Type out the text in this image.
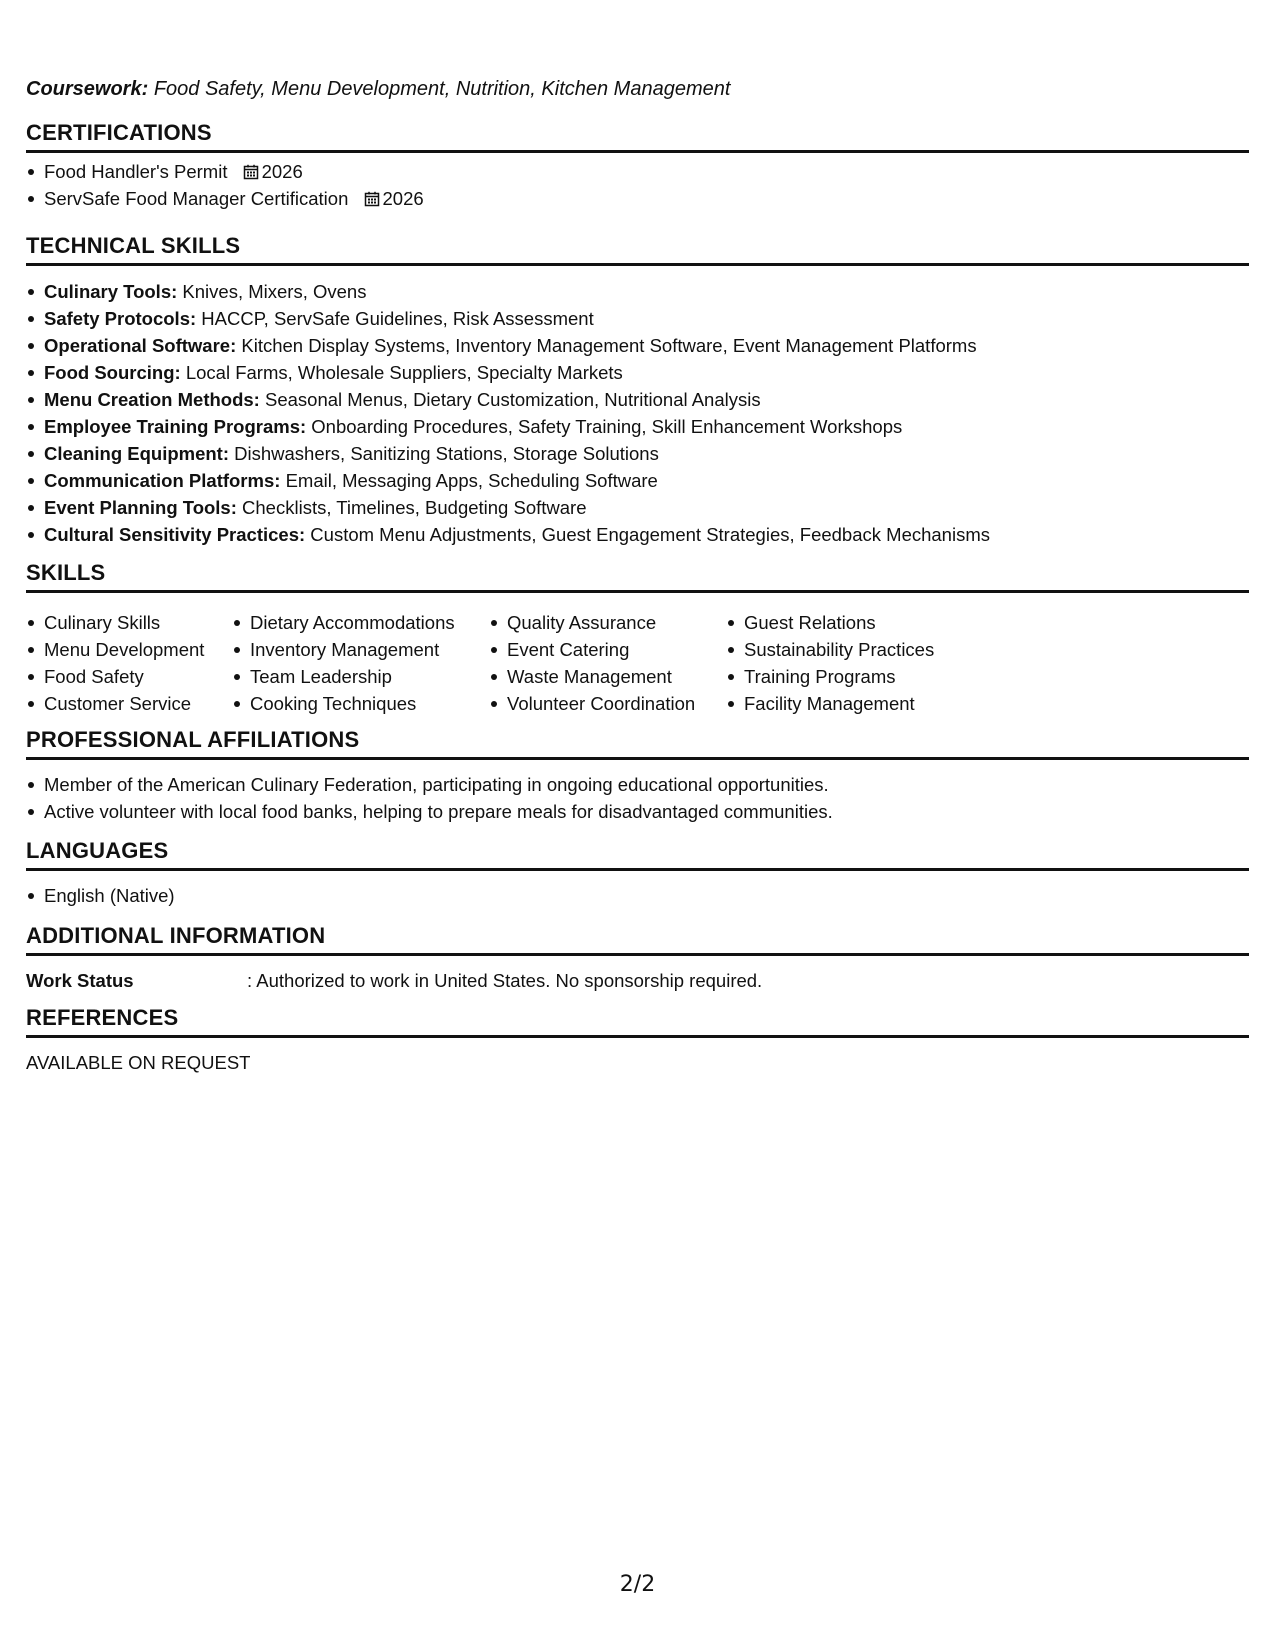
Coursework: Food Safety, Menu Development, Nutrition, Kitchen Management
CERTIFICATIONS
Food Handler's Permit 2026
ServSafe Food Manager Certification 2026
TECHNICAL SKILLS
Culinary Tools: Knives, Mixers, Ovens
Safety Protocols: HACCP, ServSafe Guidelines, Risk Assessment
Operational Software: Kitchen Display Systems, Inventory Management Software, Event Management Platforms
Food Sourcing: Local Farms, Wholesale Suppliers, Specialty Markets
Menu Creation Methods: Seasonal Menus, Dietary Customization, Nutritional Analysis
Employee Training Programs: Onboarding Procedures, Safety Training, Skill Enhancement Workshops
Cleaning Equipment: Dishwashers, Sanitizing Stations, Storage Solutions
Communication Platforms: Email, Messaging Apps, Scheduling Software
Event Planning Tools: Checklists, Timelines, Budgeting Software
Cultural Sensitivity Practices: Custom Menu Adjustments, Guest Engagement Strategies, Feedback Mechanisms
SKILLS
Culinary Skills
Menu Development
Food Safety
Customer Service
Dietary Accommodations
Inventory Management
Team Leadership
Cooking Techniques
Quality Assurance
Event Catering
Waste Management
Volunteer Coordination
Guest Relations
Sustainability Practices
Training Programs
Facility Management
PROFESSIONAL AFFILIATIONS
Member of the American Culinary Federation, participating in ongoing educational opportunities.
Active volunteer with local food banks, helping to prepare meals for disadvantaged communities.
LANGUAGES
English (Native)
ADDITIONAL INFORMATION
Work Status	: Authorized to work in United States. No sponsorship required.
REFERENCES
AVAILABLE ON REQUEST
2/2
